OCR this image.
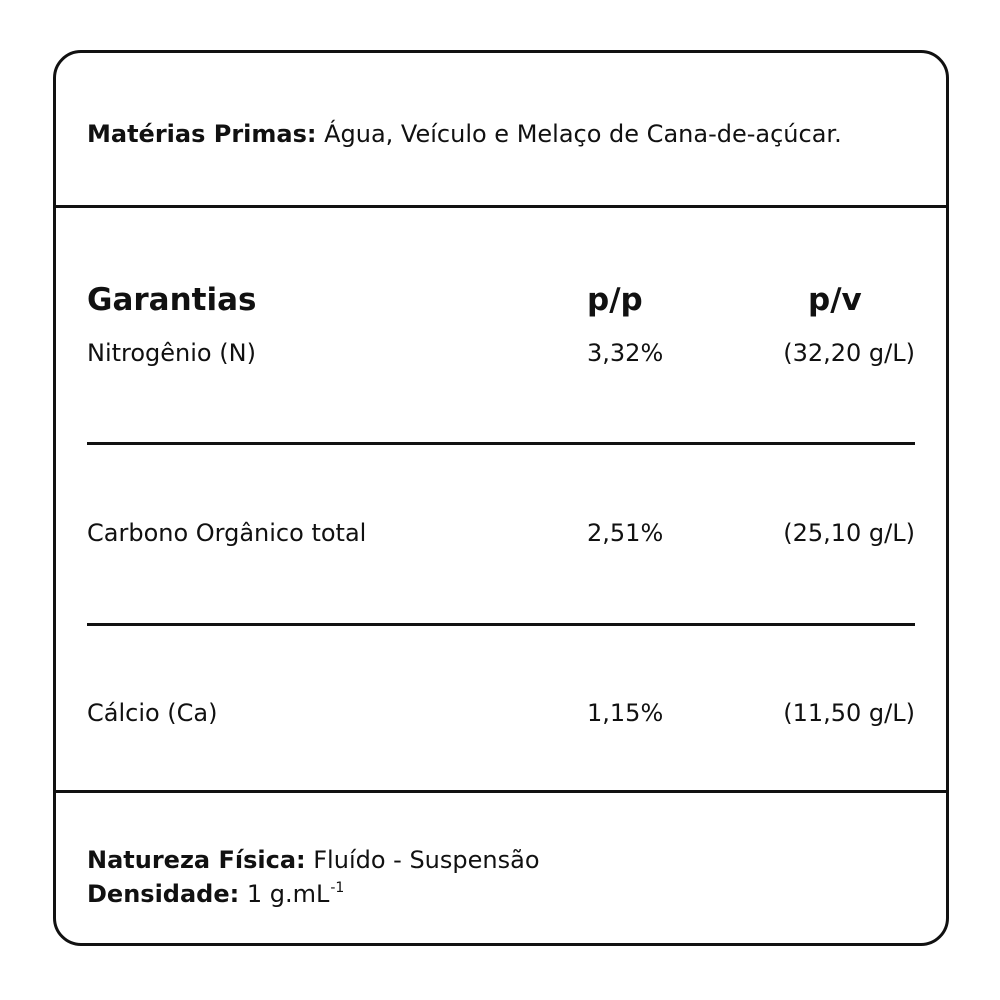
Matérias Primas: Água, Veículo e Melaço de Cana-de-açúcar.
Garantias	p/p	p/v
Nitrogênio (N)	3,32%	(32,20 g/L)
Carbono Orgânico total	2,51%	(25,10 g/L)
Cálcio (Ca)	1,15%	(11,50 g/L)
Natureza Física: Fluído - Suspensão
Densidade: 1 $g.mL^{-1}$
